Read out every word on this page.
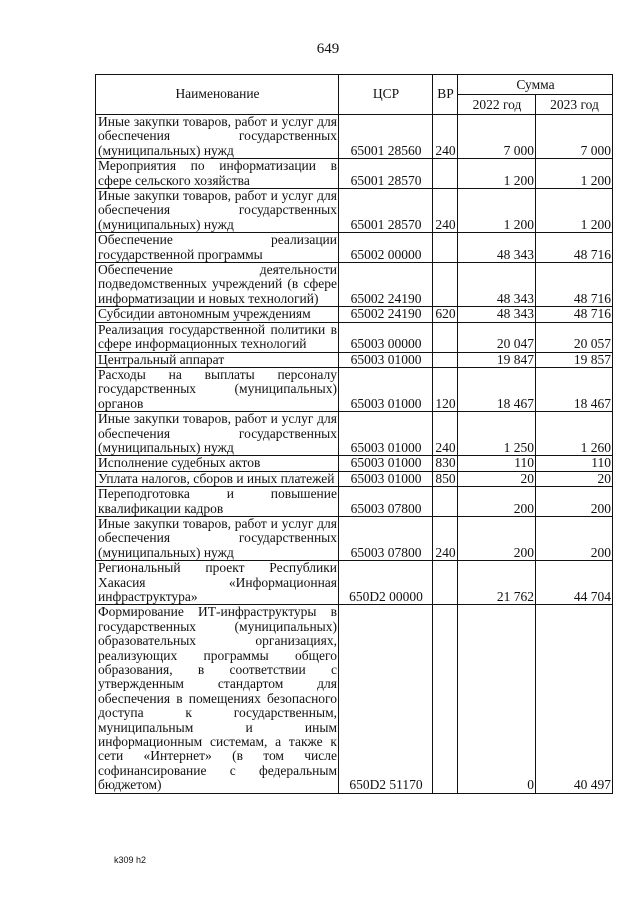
649
Наименование	ЦСР	ВР	Сумма	
			2022 год	2023 год
Иные закупки товаров, работ и услуг для обеспечения государственных (муниципальных) нужд	65001 28560	240	7 000	7 000
Мероприятия по информатизации в сфере сельского хозяйства	65001 28570		1 200	1 200
Иные закупки товаров, работ и услуг для обеспечения государственных (муниципальных) нужд	65001 28570	240	1 200	1 200
Обеспечение реализации государственной программы	65002 00000		48 343	48 716
Обеспечение деятельности подведомственных учреждений (в сфере информатизации и новых технологий)	65002 24190		48 343	48 716
Субсидии автономным учреждениям	65002 24190	620	48 343	48 716
Реализация государственной политики в сфере информационных технологий	65003 00000		20 047	20 057
Центральный аппарат	65003 01000		19 847	19 857
Расходы на выплаты персоналу государственных (муниципальных) органов	65003 01000	120	18 467	18 467
Иные закупки товаров, работ и услуг для обеспечения государственных (муниципальных) нужд	65003 01000	240	1 250	1 260
Исполнение судебных актов	65003 01000	830	110	110
Уплата налогов, сборов и иных платежей	65003 01000	850	20	20
Переподготовка и повышение квалификации кадров	65003 07800		200	200
Иные закупки товаров, работ и услуг для обеспечения государственных (муниципальных) нужд	65003 07800	240	200	200
Региональный проект Республики Хакасия «Информационная инфраструктура»	650D2 00000		21 762	44 704
Формирование ИТ-инфраструктуры в государственных (муниципальных) образовательных организациях, реализующих программы общего образования, в соответствии с утвержденным стандартом для обеспечения в помещениях безопасного доступа к государственным, муниципальным и иным информационным системам, а также к сети «Интернет» (в том числе софинансирование с федеральным бюджетом)	650D2 51170		0	40 497
k309 h2
